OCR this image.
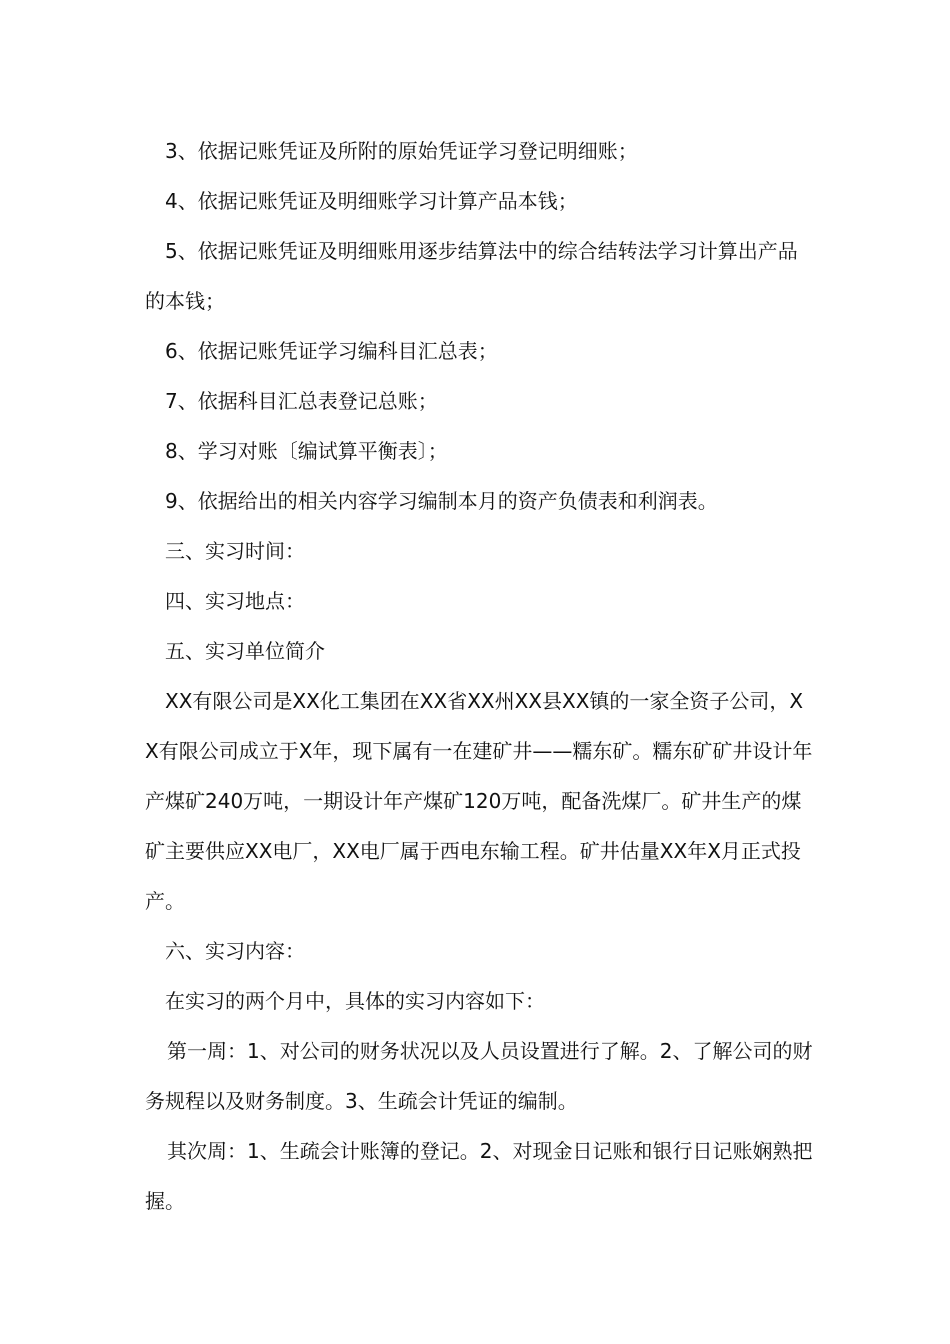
3、依据记账凭证及所附的原始凭证学习登记明细账；

4、依据记账凭证及明细账学习计算产品本钱；

5、依据记账凭证及明细账用逐步结算法中的综合结转法学习计算出产品的本钱；

6、依据记账凭证学习编科目汇总表；

7、依据科目汇总表登记总账；

8、学习对账〔编试算平衡表〕；

9、依据给出的相关内容学习编制本月的资产负债表和利润表。

三、实习时间：

四、实习地点：

五、实习单位简介

XX有限公司是XX化工集团在XX省XX州XX县XX镇的一家全资子公司，XX有限公司成立于X年，现下属有一在建矿井——糯东矿。糯东矿矿井设计年产煤矿240万吨，一期设计年产煤矿120万吨，配备洗煤厂。矿井生产的煤矿主要供应XX电厂，XX电厂属于西电东输工程。矿井估量XX年X月正式投产。

六、实习内容：

在实习的两个月中，具体的实习内容如下：

第一周：1、对公司的财务状况以及人员设置进行了解。2、了解公司的财务规程以及财务制度。3、生疏会计凭证的编制。

其次周：1、生疏会计账簿的登记。2、对现金日记账和银行日记账娴熟把握。
